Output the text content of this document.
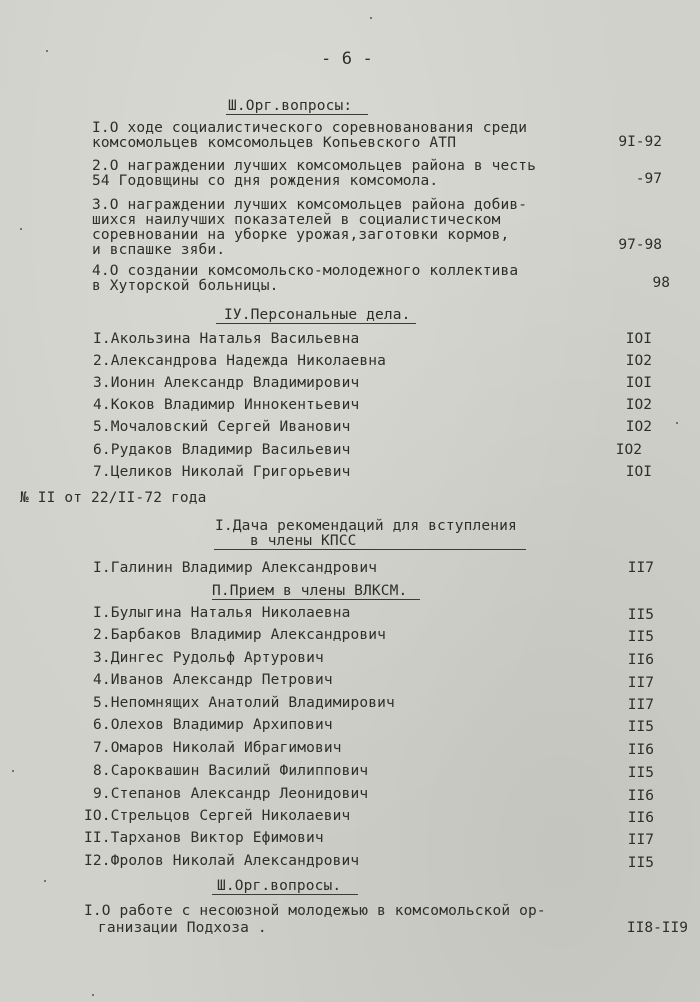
- 6 -
Ш.Орг.вопросы:
I.О ходе социалистического соревнованования среди
комсомольцев комсомольцев Копьевского АТП	9I-92
2.О награждении лучших комсомольцев района в честь
54 Годовщины со дня рождения комсомола.	-97
3.О награждении лучших комсомольцев района добив-
шихся наилучших показателей в социалистическом
соревновании на уборке урожая,заготовки кормов,
и вспашке зяби.	97-98
4.О создании комсомольско-молодежного коллектива
в Хуторской больницы.	98
IУ.Персональные дела.
I.Акользина Наталья Васильевна	IOI
2.Александрова Надежда Николаевна	IO2
3.Ионин Александр Владимирович	IOI
4.Коков Владимир Иннокентьевич	IO2
5.Мочаловский Сергей Иванович	IO2
6.Рудаков Владимир Васильевич	IO2
7.Целиков Николай Григорьевич	IOI
№ II от 22/II-72 года
I.Дача рекомендаций для вступления
в члены КПСС
I.Галинин Владимир Александрович	II7
П.Прием в члены ВЛКСМ.
I.Булыгина Наталья Николаевна	II5
2.Барбаков Владимир Александрович	II5
3.Дингес Рудольф Артурович	II6
4.Иванов Александр Петрович	II7
5.Непомнящих Анатолий Владимирович	II7
6.Олехов Владимир Архипович	II5
7.Омаров Николай Ибрагимович	II6
8.Сароквашин Василий Филиппович	II5
9.Степанов Александр Леонидович	II6
IO.Стрельцов Сергей Николаевич	II6
II.Тарханов Виктор Ефимович	II7
I2.Фролов Николай Александрович	II5
Ш.Орг.вопросы.
I.О работе с несоюзной молодежью в комсомольской ор-
ганизации Подхоза .	II8-II9
